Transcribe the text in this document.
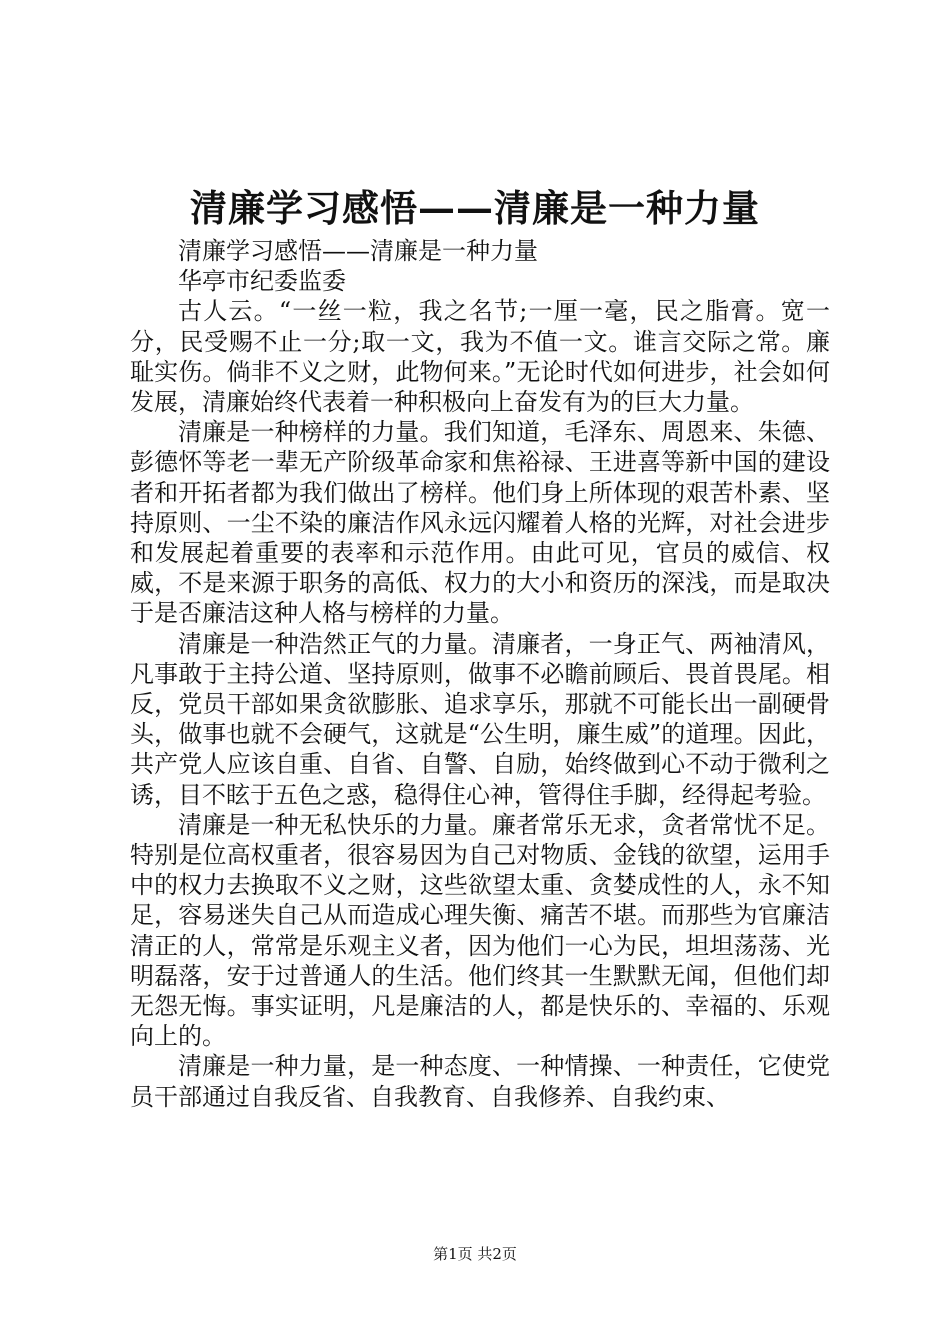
清廉学习感悟——清廉是一种力量

清廉学习感悟——清廉是一种力量

华亭市纪委监委

古人云。“一丝一粒，我之名节;一厘一毫，民之脂膏。宽一分，民受赐不止一分;取一文，我为不值一文。谁言交际之常。廉耻实伤。倘非不义之财，此物何来。”无论时代如何进步，社会如何发展，清廉始终代表着一种积极向上奋发有为的巨大力量。

清廉是一种榜样的力量。我们知道，毛泽东、周恩来、朱德、彭德怀等老一辈无产阶级革命家和焦裕禄、王进喜等新中国的建设者和开拓者都为我们做出了榜样。他们身上所体现的艰苦朴素、坚持原则、一尘不染的廉洁作风永远闪耀着人格的光辉，对社会进步和发展起着重要的表率和示范作用。由此可见，官员的威信、权威，不是来源于职务的高低、权力的大小和资历的深浅，而是取决于是否廉洁这种人格与榜样的力量。

清廉是一种浩然正气的力量。清廉者，一身正气、两袖清风，凡事敢于主持公道、坚持原则，做事不必瞻前顾后、畏首畏尾。相反，党员干部如果贪欲膨胀、追求享乐，那就不可能长出一副硬骨头，做事也就不会硬气，这就是“公生明，廉生威”的道理。因此，共产党人应该自重、自省、自警、自励，始终做到心不动于微利之诱，目不眩于五色之惑，稳得住心神，管得住手脚，经得起考验。

清廉是一种无私快乐的力量。廉者常乐无求，贪者常忧不足。特别是位高权重者，很容易因为自己对物质、金钱的欲望，运用手中的权力去换取不义之财，这些欲望太重、贪婪成性的人，永不知足，容易迷失自己从而造成心理失衡、痛苦不堪。而那些为官廉洁清正的人，常常是乐观主义者，因为他们一心为民，坦坦荡荡、光明磊落，安于过普通人的生活。他们终其一生默默无闻，但他们却无怨无悔。事实证明，凡是廉洁的人，都是快乐的、幸福的、乐观向上的。

清廉是一种力量，是一种态度、一种情操、一种责任，它使党员干部通过自我反省、自我教育、自我修养、自我约束、

第1页 共2页
